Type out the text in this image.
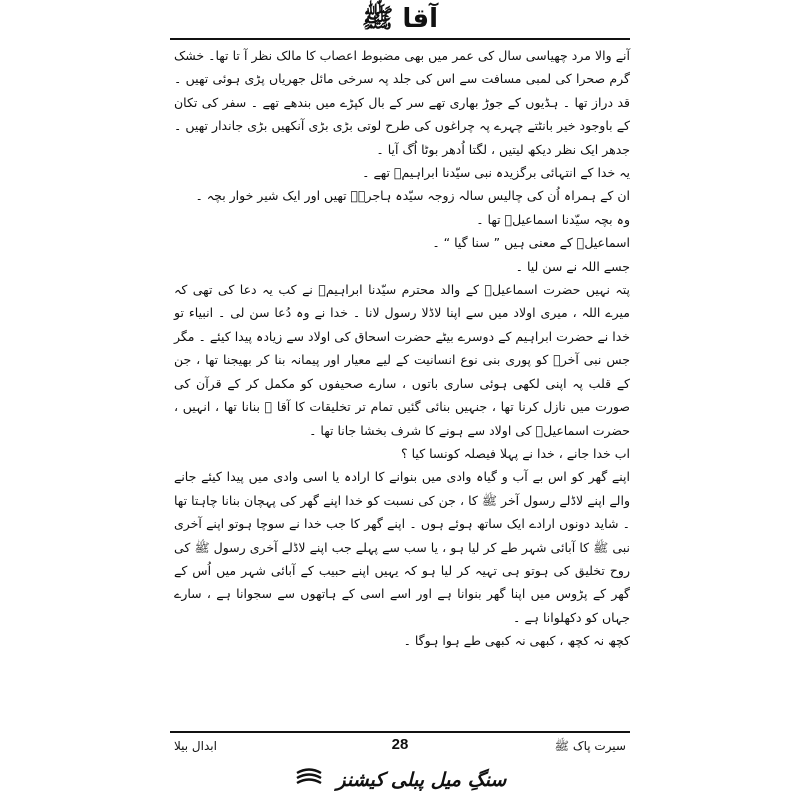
آقا ﷺ

آنے والا مرد چھیاسی سال کی عمر میں بھی مضبوط اعصاب کا مالک نظر آ تا تھا۔ خشک گرم صحرا کی لمبی مسافت سے اس کی جلد پہ سرخی مائل جھریاں پڑی ہوئی تھیں ۔ قد دراز تھا ۔ ہڈیوں کے جوڑ بھاری تھے سر کے بال کپڑے میں بندھے تھے ۔ سفر کی تکان کے باوجود خیر بانٹتے چہرے پہ چراغوں کی طرح لوتی بڑی بڑی آنکھیں بڑی جاندار تھیں ۔ جدھر ایک نظر دیکھ لیتیں ، لگتا اُدھر بوٹا اُگ آیا ۔

یہ خدا کے انتہائی برگزیدہ نبی سیّدنا ابراہیمؑ تھے ۔

ان کے ہمراہ اُن کی چالیس سالہ زوجہ سیّدہ ہاجرہؑ تھیں اور ایک شیر خوار بچہ ۔

وہ بچہ سیّدنا اسماعیلؑ تھا ۔

اسماعیلؑ کے معنی ہیں ” سنا گیا “ ۔

جسے اللہ نے سن لیا ۔

پتہ نہیں حضرت اسماعیلؑ کے والد محترم سیّدنا ابراہیمؑ نے کب یہ دعا کی تھی کہ میرے اللہ ، میری اولاد میں سے اپنا لاڈلا رسول لانا ۔ خدا نے وہ دُعا سن لی ۔ انبیاء تو خدا نے حضرت ابراہیم کے دوسرے بیٹے حضرت اسحاق کی اولاد سے زیادہ پیدا کیئے ۔ مگر جس نبی آخرﷺ کو پوری بنی نوع انسانیت کے لیے معیار اور پیمانہ بنا کر بھیجنا تھا ، جن کے قلب پہ اپنی لکھی ہوئی ساری باتوں ، سارے صحیفوں کو مکمل کر کے قرآن کی صورت میں نازل کرنا تھا ، جنہیں بنائی گئیں تمام تر تخلیقات کا آقا ﷺ بنانا تھا ، انہیں ، حضرت اسماعیلؑ کی اولاد سے ہونے کا شرف بخشا جانا تھا ۔

اب خدا جانے ، خدا نے پہلا فیصلہ کونسا کیا ؟

اپنے گھر کو اس بے آب و گیاہ وادی میں بنوانے کا ارادہ یا اسی وادی میں پیدا کیئے جانے والے اپنے لاڈلے رسول آخر ﷺ کا ، جن کی نسبت کو خدا اپنے گھر کی پہچان بنانا چاہتا تھا ۔ شاید دونوں ارادے ایک ساتھ ہوئے ہوں ۔ اپنے گھر کا جب خدا نے سوچا ہوتو اپنے آخری نبی ﷺ کا آبائی شہر طے کر لیا ہو ، یا سب سے پہلے جب اپنے لاڈلے آخری رسول ﷺ کی روح تخلیق کی ہوتو ہی تہیہ کر لیا ہو کہ یہیں اپنے حبیب کے آبائی شہر میں اُس کے گھر کے پڑوس میں اپنا گھر بنوانا ہے اور اسے اسی کے ہاتھوں سے سجوانا ہے ، سارے جہاں کو دکھلوانا ہے ۔

کچھ نہ کچھ ، کبھی نہ کبھی طے ہوا ہوگا ۔

ابدال بیلا	28	سیرت پاک ﷺ
سنگِ میل پبلی کیشنز
